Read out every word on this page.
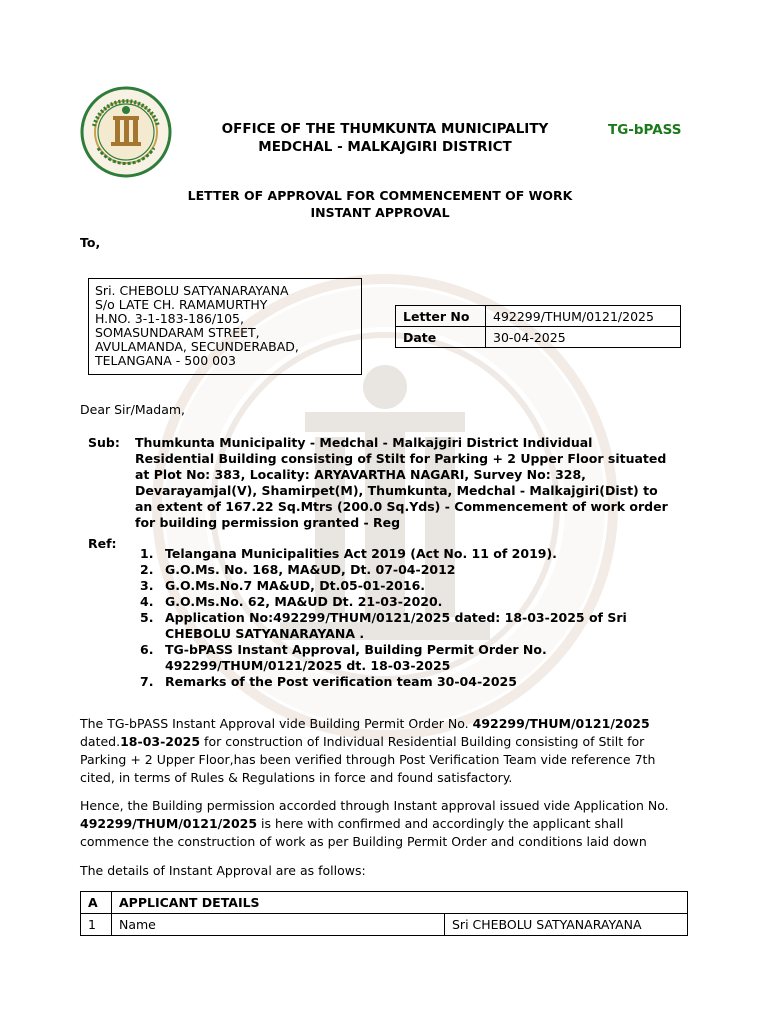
OFFICE OF THE THUMKUNTA MUNICIPALITY
MEDCHAL - MALKAJGIRI DISTRICT
TG-bPASS
LETTER OF APPROVAL FOR COMMENCEMENT OF WORK
INSTANT APPROVAL
To,
Sri. CHEBOLU SATYANARAYANA
S/o LATE CH. RAMAMURTHY
H.NO. 3-1-183-186/105,
SOMASUNDARAM STREET,
AVULAMANDA, SECUNDERABAD,
TELANGANA - 500 003
Letter No	492299/THUM/0121/2025
Date	30-04-2025
Dear Sir/Madam,
Sub: Thumkunta Municipality - Medchal - Malkajgiri District Individual Residential Building consisting of Stilt for Parking + 2 Upper Floor situated at Plot No: 383, Locality: ARYAVARTHA NAGARI, Survey No: 328, Devarayamjal(V), Shamirpet(M), Thumkunta, Medchal - Malkajgiri(Dist) to an extent of 167.22 Sq.Mtrs (200.0 Sq.Yds) - Commencement of work order for building permission granted - Reg
Ref:
1. Telangana Municipalities Act 2019 (Act No. 11 of 2019).
2. G.O.Ms. No. 168, MA&UD, Dt. 07-04-2012
3. G.O.Ms.No.7 MA&UD, Dt.05-01-2016.
4. G.O.Ms.No. 62, MA&UD Dt. 21-03-2020.
5. Application No:492299/THUM/0121/2025 dated: 18-03-2025 of Sri CHEBOLU SATYANARAYANA .
6. TG-bPASS Instant Approval, Building Permit Order No. 492299/THUM/0121/2025 dt. 18-03-2025
7. Remarks of the Post verification team 30-04-2025
The TG-bPASS Instant Approval vide Building Permit Order No. 492299/THUM/0121/2025 dated.18-03-2025 for construction of Individual Residential Building consisting of Stilt for Parking + 2 Upper Floor,has been verified through Post Verification Team vide reference 7th cited, in terms of Rules & Regulations in force and found satisfactory.
Hence, the Building permission accorded through Instant approval issued vide Application No. 492299/THUM/0121/2025 is here with confirmed and accordingly the applicant shall commence the construction of work as per Building Permit Order and conditions laid down
The details of Instant Approval are as follows:
A	APPLICANT DETAILS	
1	Name	Sri CHEBOLU SATYANARAYANA
